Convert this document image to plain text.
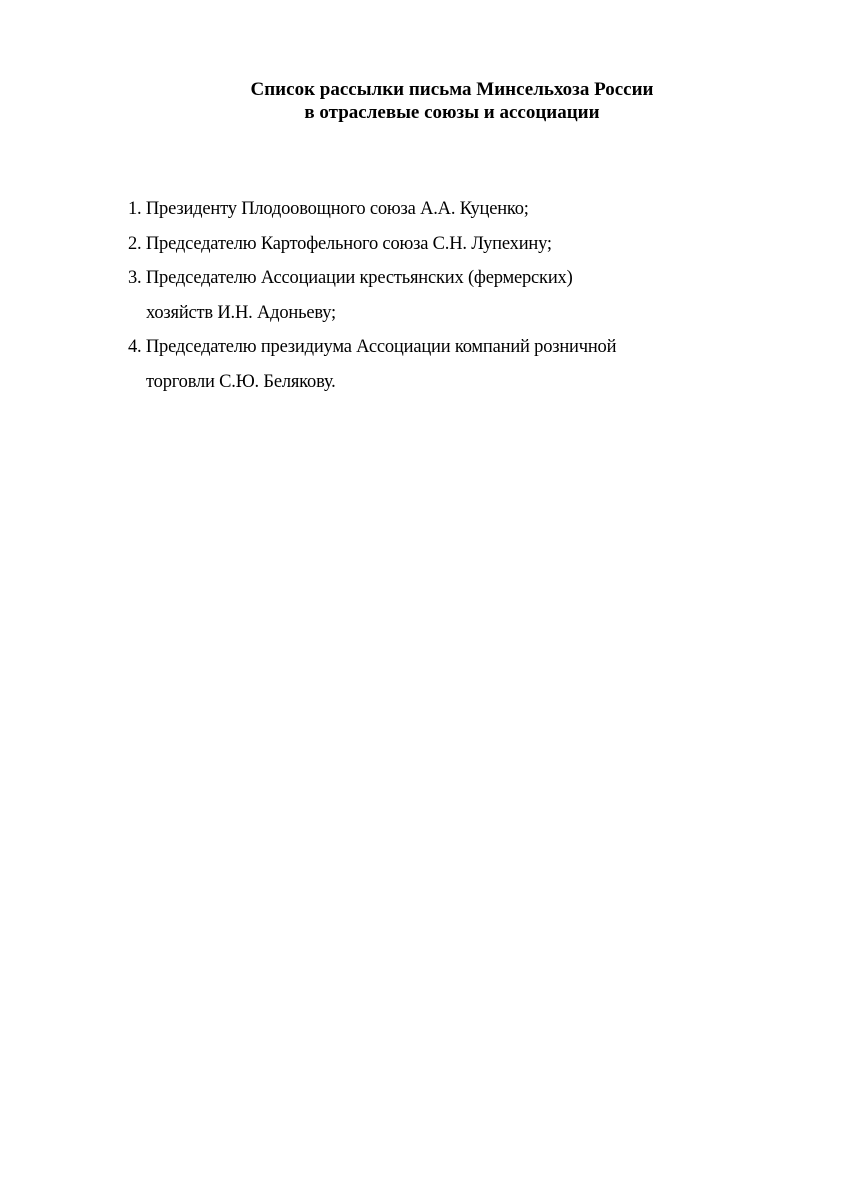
Список рассылки письма Минсельхоза России
в отраслевые союзы и ассоциации
1. Президенту Плодоовощного союза А.А. Куценко;
2. Председателю Картофельного союза С.Н. Лупехину;
3. Председателю Ассоциации крестьянских (фермерских)
хозяйств И.Н. Адоньеву;
4. Председателю президиума Ассоциации компаний розничной
торговли С.Ю. Белякову.
